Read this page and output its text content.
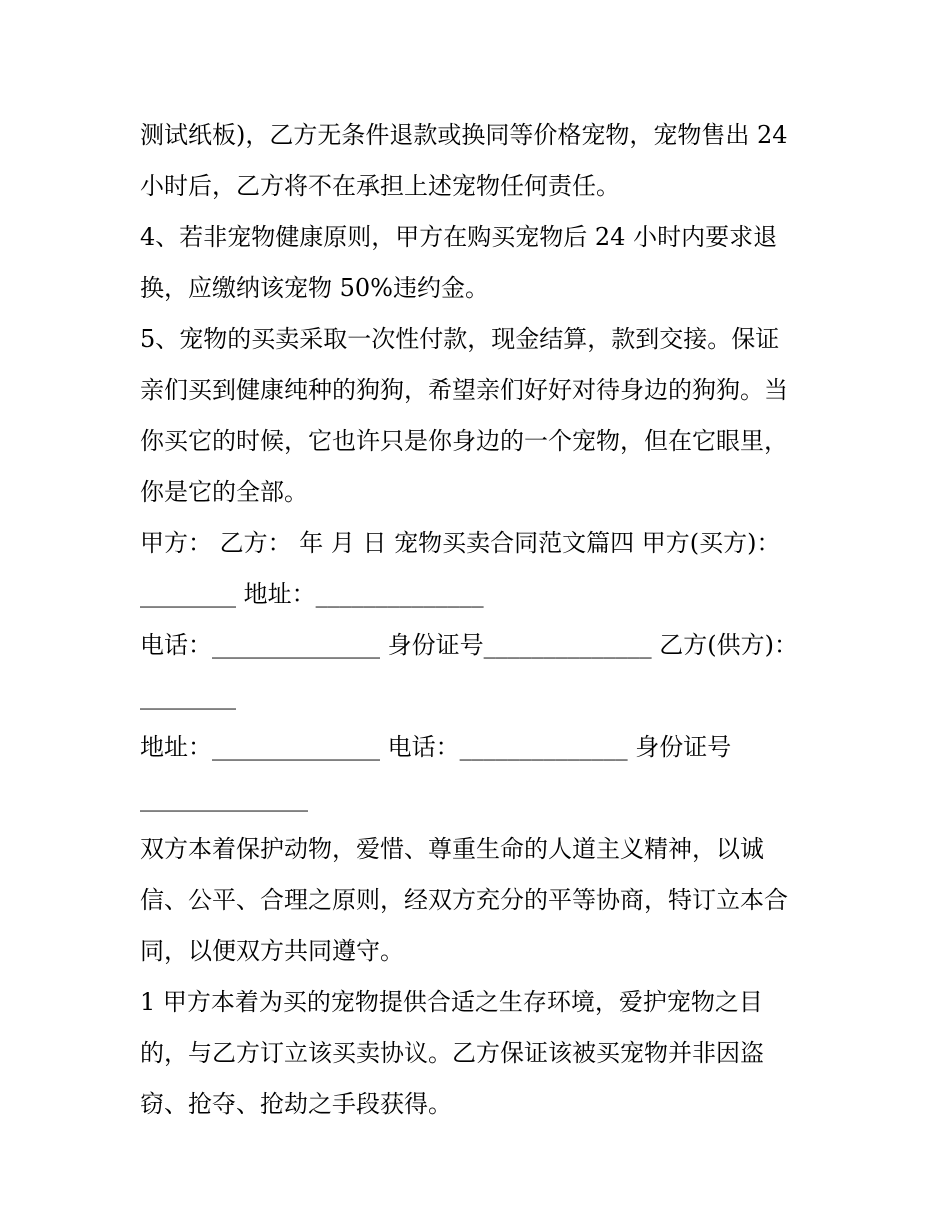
测试纸板)，乙方无条件退款或换同等价格宠物，宠物售出 24
小时后，乙方将不在承担上述宠物任何责任。
4、若非宠物健康原则，甲方在购买宠物后 24 小时内要求退
换，应缴纳该宠物 50%违约金。
5、宠物的买卖采取一次性付款，现金结算，款到交接。保证
亲们买到健康纯种的狗狗，希望亲们好好对待身边的狗狗。当
你买它的时候，它也许只是你身边的一个宠物，但在它眼里，
你是它的全部。
甲方： 乙方： 年 月 日 宠物买卖合同范文篇四 甲方(买方)：
________ 地址：______________
电话：______________ 身份证号______________ 乙方(供方)：
________
地址：______________ 电话：______________ 身份证号
______________
双方本着保护动物，爱惜、尊重生命的人道主义精神，以诚
信、公平、合理之原则，经双方充分的平等协商，特订立本合
同，以便双方共同遵守。
1 甲方本着为买的宠物提供合适之生存环境，爱护宠物之目
的，与乙方订立该买卖协议。乙方保证该被买宠物并非因盗
窃、抢夺、抢劫之手段获得。
